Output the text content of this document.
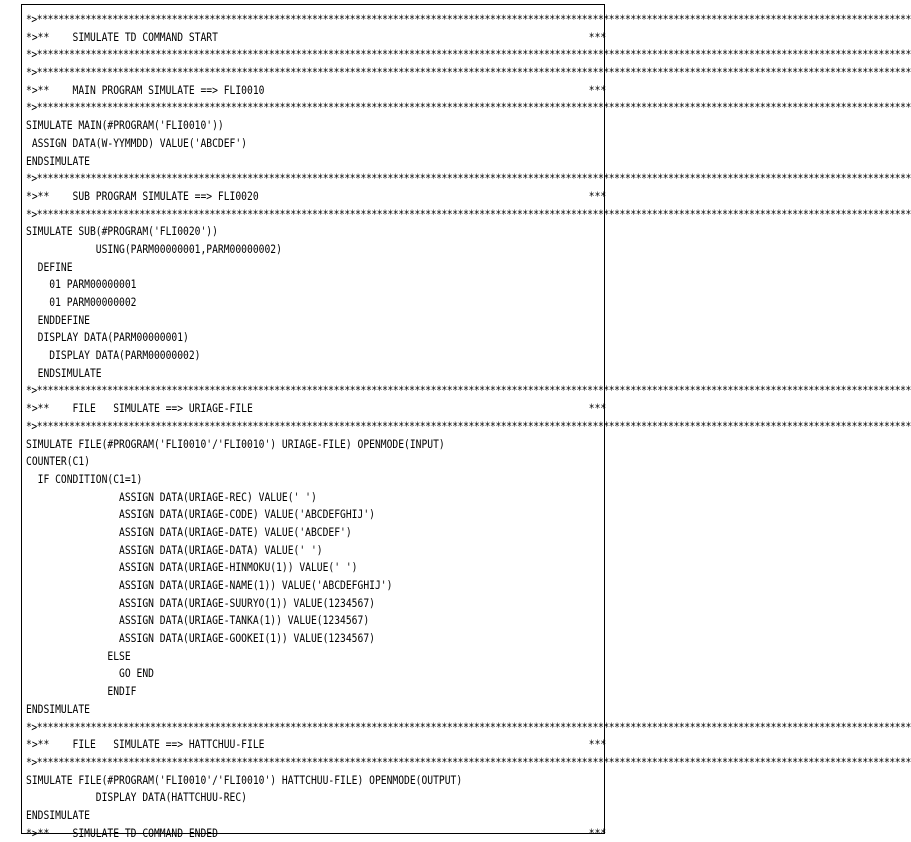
*>******************************************************************************************************************************************************************
*>**    SIMULATE TD COMMAND START	***
*>******************************************************************************************************************************************************************
*>******************************************************************************************************************************************************************
*>**    MAIN PROGRAM SIMULATE ==> FLI0010	***
*>******************************************************************************************************************************************************************
SIMULATE MAIN(#PROGRAM('FLI0010'))
ASSIGN DATA(W-YYMMDD) VALUE('ABCDEF')
ENDSIMULATE
*>******************************************************************************************************************************************************************
*>**    SUB PROGRAM SIMULATE ==> FLI0020	***
*>******************************************************************************************************************************************************************
SIMULATE SUB(#PROGRAM('FLI0020'))
USING(PARM00000001,PARM00000002)
DEFINE
01 PARM00000001
01 PARM00000002
ENDDEFINE
DISPLAY DATA(PARM00000001)
DISPLAY DATA(PARM00000002)
ENDSIMULATE
*>******************************************************************************************************************************************************************
*>**    FILE   SIMULATE ==> URIAGE-FILE	***
*>******************************************************************************************************************************************************************
SIMULATE FILE(#PROGRAM('FLI0010'/'FLI0010') URIAGE-FILE) OPENMODE(INPUT)
COUNTER(C1)
IF CONDITION(C1=1)
ASSIGN DATA(URIAGE-REC) VALUE(' ')
ASSIGN DATA(URIAGE-CODE) VALUE('ABCDEFGHIJ')
ASSIGN DATA(URIAGE-DATE) VALUE('ABCDEF')
ASSIGN DATA(URIAGE-DATA) VALUE(' ')
ASSIGN DATA(URIAGE-HINMOKU(1)) VALUE(' ')
ASSIGN DATA(URIAGE-NAME(1)) VALUE('ABCDEFGHIJ')
ASSIGN DATA(URIAGE-SUURYO(1)) VALUE(1234567)
ASSIGN DATA(URIAGE-TANKA(1)) VALUE(1234567)
ASSIGN DATA(URIAGE-GOOKEI(1)) VALUE(1234567)
ELSE
GO END
ENDIF
ENDSIMULATE
*>******************************************************************************************************************************************************************
*>**    FILE   SIMULATE ==> HATTCHUU-FILE	***
*>******************************************************************************************************************************************************************
SIMULATE FILE(#PROGRAM('FLI0010'/'FLI0010') HATTCHUU-FILE) OPENMODE(OUTPUT)
DISPLAY DATA(HATTCHUU-REC)
ENDSIMULATE
*>**    SIMULATE TD COMMAND ENDED	***
